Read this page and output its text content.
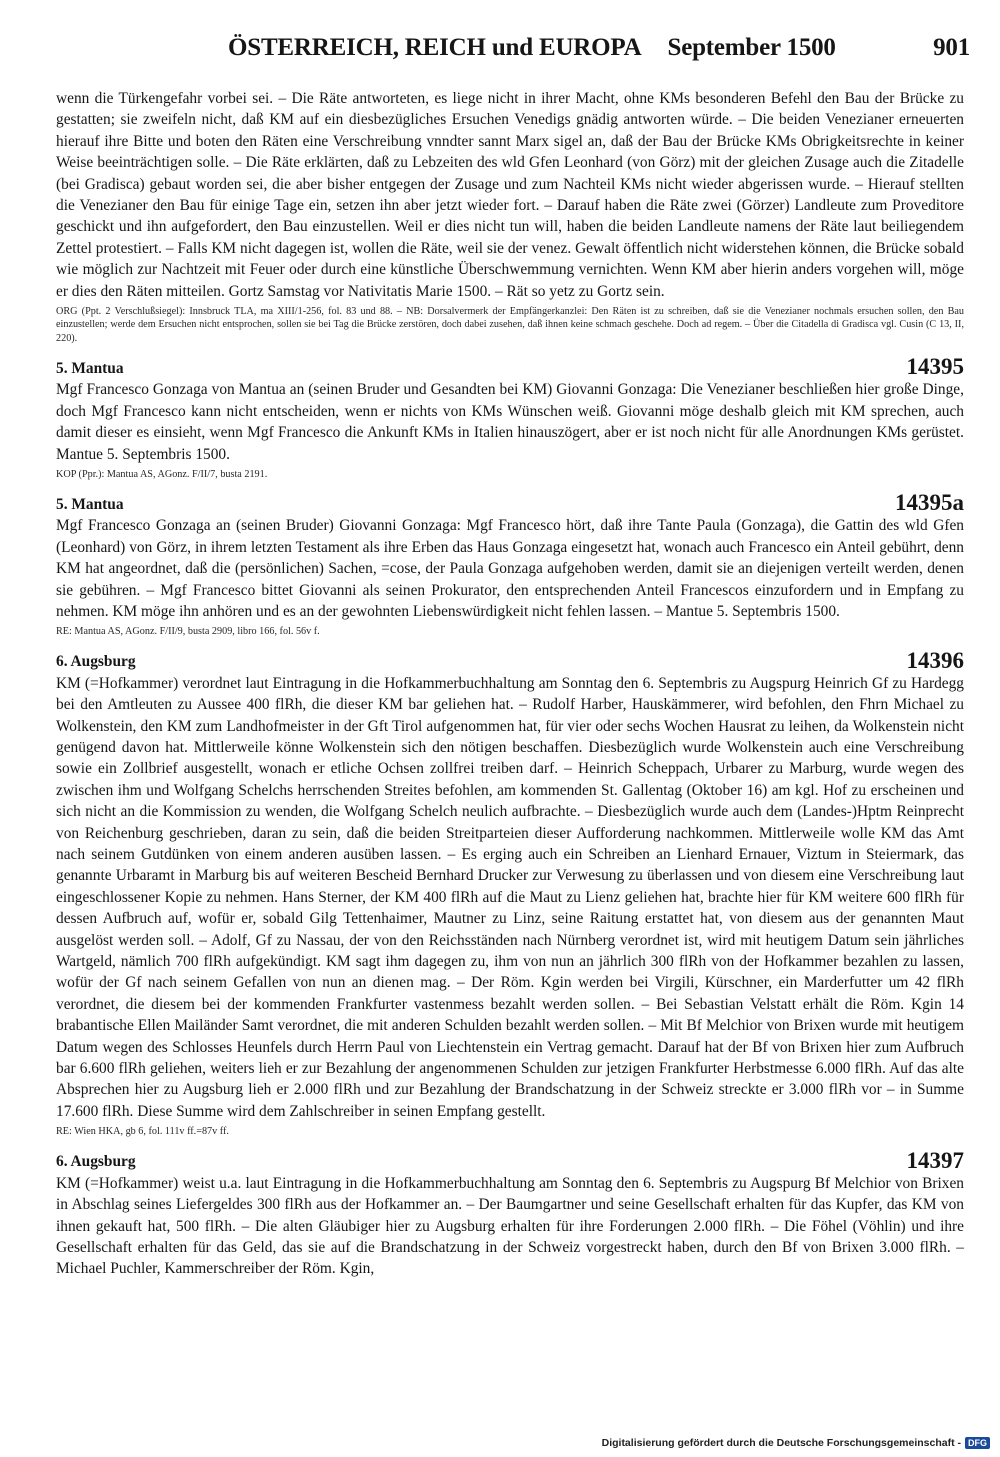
ÖSTERREICH, REICH und EUROPA September 1500	901

wenn die Türkengefahr vorbei sei. – Die Räte antworteten, es liege nicht in ihrer Macht, ohne KMs besonderen Befehl den Bau der Brücke zu gestatten; sie zweifeln nicht, daß KM auf ein diesbezügliches Ersuchen Venedigs gnädig antworten würde. – Die beiden Venezianer erneuerten hierauf ihre Bitte und boten den Räten eine Verschreibung vnndter sannt Marx sigel an, daß der Bau der Brücke KMs Obrigkeitsrechte in keiner Weise beeinträchtigen solle. – Die Räte erklärten, daß zu Lebzeiten des wld Gfen Leonhard (von Görz) mit der gleichen Zusage auch die Zitadelle (bei Gradisca) gebaut worden sei, die aber bisher entgegen der Zusage und zum Nachteil KMs nicht wieder abgerissen wurde. – Hierauf stellten die Venezianer den Bau für einige Tage ein, setzen ihn aber jetzt wieder fort. – Darauf haben die Räte zwei (Görzer) Landleute zum Proveditore geschickt und ihn aufgefordert, den Bau einzustellen. Weil er dies nicht tun will, haben die beiden Landleute namens der Räte laut beiliegendem Zettel protestiert. – Falls KM nicht dagegen ist, wollen die Räte, weil sie der venez. Gewalt öffentlich nicht widerstehen können, die Brücke sobald wie möglich zur Nachtzeit mit Feuer oder durch eine künstliche Überschwemmung vernichten. Wenn KM aber hierin anders vorgehen will, möge er dies den Räten mitteilen. Gortz Samstag vor Nativitatis Marie 1500. – Rät so yetz zu Gortz sein.

ORG (Ppt. 2 Verschlußsiegel): Innsbruck TLA, ma XIII/1-256, fol. 83 und 88. – NB: Dorsalvermerk der Empfängerkanzlei: Den Räten ist zu schreiben, daß sie die Venezianer nochmals ersuchen sollen, den Bau einzustellen; werde dem Ersuchen nicht entsprochen, sollen sie bei Tag die Brücke zerstören, doch dabei zusehen, daß ihnen keine schmach geschehe. Doch ad regem. – Über die Citadella di Gradisca vgl. Cusin (C 13, II, 220).

5. Mantua	14395

Mgf Francesco Gonzaga von Mantua an (seinen Bruder und Gesandten bei KM) Giovanni Gonzaga: Die Venezianer beschließen hier große Dinge, doch Mgf Francesco kann nicht entscheiden, wenn er nichts von KMs Wünschen weiß. Giovanni möge deshalb gleich mit KM sprechen, auch damit dieser es einsieht, wenn Mgf Francesco die Ankunft KMs in Italien hinauszögert, aber er ist noch nicht für alle Anordnungen KMs gerüstet. Mantue 5. Septembris 1500.

KOP (Ppr.): Mantua AS, AGonz. F/II/7, busta 2191.

5. Mantua	14395a

Mgf Francesco Gonzaga an (seinen Bruder) Giovanni Gonzaga: Mgf Francesco hört, daß ihre Tante Paula (Gonzaga), die Gattin des wld Gfen (Leonhard) von Görz, in ihrem letzten Testament als ihre Erben das Haus Gonzaga eingesetzt hat, wonach auch Francesco ein Anteil gebührt, denn KM hat angeordnet, daß die (persönlichen) Sachen, =cose, der Paula Gonzaga aufgehoben werden, damit sie an diejenigen verteilt werden, denen sie gebühren. – Mgf Francesco bittet Giovanni als seinen Prokurator, den entsprechenden Anteil Francescos einzufordern und in Empfang zu nehmen. KM möge ihn anhören und es an der gewohnten Liebenswürdigkeit nicht fehlen lassen. – Mantue 5. Septembris 1500.

RE: Mantua AS, AGonz. F/II/9, busta 2909, libro 166, fol. 56v f.

6. Augsburg	14396

KM (=Hofkammer) verordnet laut Eintragung in die Hofkammerbuchhaltung am Sonntag den 6. Septembris zu Augspurg Heinrich Gf zu Hardegg bei den Amtleuten zu Aussee 400 flRh, die dieser KM bar geliehen hat. – Rudolf Harber, Hauskämmerer, wird befohlen, den Fhrn Michael zu Wolkenstein, den KM zum Landhofmeister in der Gft Tirol aufgenommen hat, für vier oder sechs Wochen Hausrat zu leihen, da Wolkenstein nicht genügend davon hat. Mittlerweile könne Wolkenstein sich den nötigen beschaffen. Diesbezüglich wurde Wolkenstein auch eine Verschreibung sowie ein Zollbrief ausgestellt, wonach er etliche Ochsen zollfrei treiben darf. – Heinrich Scheppach, Urbarer zu Marburg, wurde wegen des zwischen ihm und Wolfgang Schelchs herrschenden Streites befohlen, am kommenden St. Gallentag (Oktober 16) am kgl. Hof zu erscheinen und sich nicht an die Kommission zu wenden, die Wolfgang Schelch neulich aufbrachte. – Diesbezüglich wurde auch dem (Landes-)Hptm Reinprecht von Reichenburg geschrieben, daran zu sein, daß die beiden Streitparteien dieser Aufforderung nachkommen. Mittlerweile wolle KM das Amt nach seinem Gutdünken von einem anderen ausüben lassen. – Es erging auch ein Schreiben an Lienhard Ernauer, Viztum in Steiermark, das genannte Urbaramt in Marburg bis auf weiteren Bescheid Bernhard Drucker zur Verwesung zu überlassen und von diesem eine Verschreibung laut eingeschlossener Kopie zu nehmen. Hans Sterner, der KM 400 flRh auf die Maut zu Lienz geliehen hat, brachte hier für KM weitere 600 flRh für dessen Aufbruch auf, wofür er, sobald Gilg Tettenhaimer, Mautner zu Linz, seine Raitung erstattet hat, von diesem aus der genannten Maut ausgelöst werden soll. – Adolf, Gf zu Nassau, der von den Reichsständen nach Nürnberg verordnet ist, wird mit heutigem Datum sein jährliches Wartgeld, nämlich 700 flRh aufgekündigt. KM sagt ihm dagegen zu, ihm von nun an jährlich 300 flRh von der Hofkammer bezahlen zu lassen, wofür der Gf nach seinem Gefallen von nun an dienen mag. – Der Röm. Kgin werden bei Virgili, Kürschner, ein Marderfutter um 42 flRh verordnet, die diesem bei der kommenden Frankfurter vastenmess bezahlt werden sollen. – Bei Sebastian Velstatt erhält die Röm. Kgin 14 brabantische Ellen Mailänder Samt verordnet, die mit anderen Schulden bezahlt werden sollen. – Mit Bf Melchior von Brixen wurde mit heutigem Datum wegen des Schlosses Heunfels durch Herrn Paul von Liechtenstein ein Vertrag gemacht. Darauf hat der Bf von Brixen hier zum Aufbruch bar 6.600 flRh geliehen, weiters lieh er zur Bezahlung der angenommenen Schulden zur jetzigen Frankfurter Herbstmesse 6.000 flRh. Auf das alte Absprechen hier zu Augsburg lieh er 2.000 flRh und zur Bezahlung der Brandschatzung in der Schweiz streckte er 3.000 flRh vor – in Summe 17.600 flRh. Diese Summe wird dem Zahlschreiber in seinen Empfang gestellt.

RE: Wien HKA, gb 6, fol. 111v ff.=87v ff.

6. Augsburg	14397

KM (=Hofkammer) weist u.a. laut Eintragung in die Hofkammerbuchhaltung am Sonntag den 6. Septembris zu Augspurg Bf Melchior von Brixen in Abschlag seines Liefergeldes 300 flRh aus der Hofkammer an. – Der Baumgartner und seine Gesellschaft erhalten für das Kupfer, das KM von ihnen gekauft hat, 500 flRh. – Die alten Gläubiger hier zu Augsburg erhalten für ihre Forderungen 2.000 flRh. – Die Föhel (Vöhlin) und ihre Gesellschaft erhalten für das Geld, das sie auf die Brandschatzung in der Schweiz vorgestreckt haben, durch den Bf von Brixen 3.000 flRh. – Michael Puchler, Kammerschreiber der Röm. Kgin,

Digitalisierung gefördert durch die Deutsche Forschungsgemeinschaft - DFG
